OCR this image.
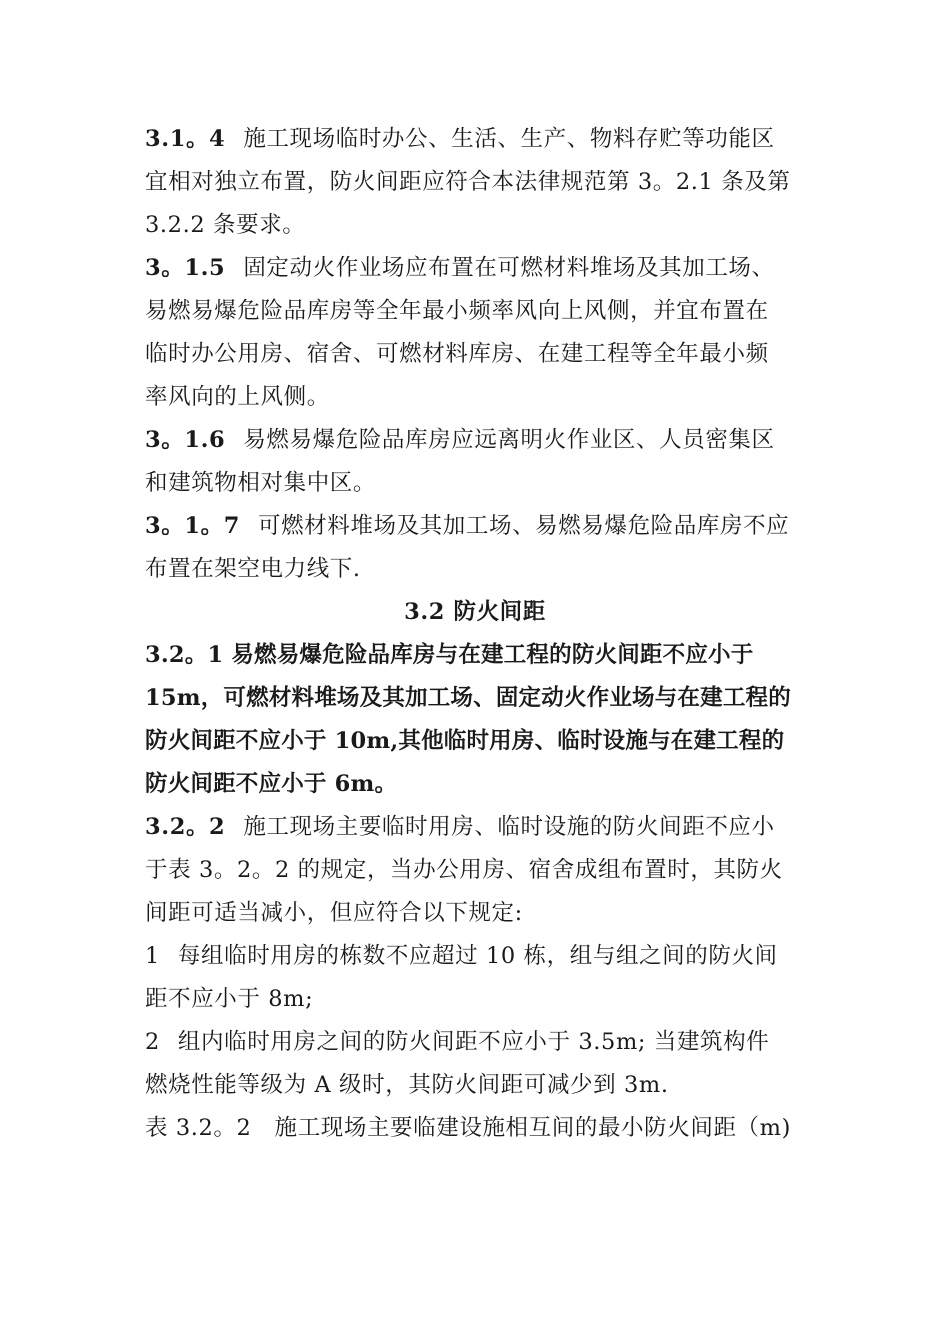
3.1。4 施工现场临时办公、生活、生产、物料存贮等功能区
宜相对独立布置，防火间距应符合本法律规范第 3。2.1 条及第
3.2.2 条要求。
3。1.5 固定动火作业场应布置在可燃材料堆场及其加工场、
易燃易爆危险品库房等全年最小频率风向上风侧，并宜布置在
临时办公用房、宿舍、可燃材料库房、在建工程等全年最小频
率风向的上风侧。
3。1.6 易燃易爆危险品库房应远离明火作业区、人员密集区
和建筑物相对集中区。
3。1。7 可燃材料堆场及其加工场、易燃易爆危险品库房不应
布置在架空电力线下.
3.2 防火间距
3.2。1 易燃易爆危险品库房与在建工程的防火间距不应小于
15m，可燃材料堆场及其加工场、固定动火作业场与在建工程的
防火间距不应小于 10m,其他临时用房、临时设施与在建工程的
防火间距不应小于 6m。
3.2。2 施工现场主要临时用房、临时设施的防火间距不应小
于表 3。2。2 的规定，当办公用房、宿舍成组布置时，其防火
间距可适当减小，但应符合以下规定:
1 每组临时用房的栋数不应超过 10 栋，组与组之间的防火间
距不应小于 8m;
2 组内临时用房之间的防火间距不应小于 3.5m; 当建筑构件
燃烧性能等级为 A 级时，其防火间距可减少到 3m.
表 3.2。2　施工现场主要临建设施相互间的最小防火间距（m)
